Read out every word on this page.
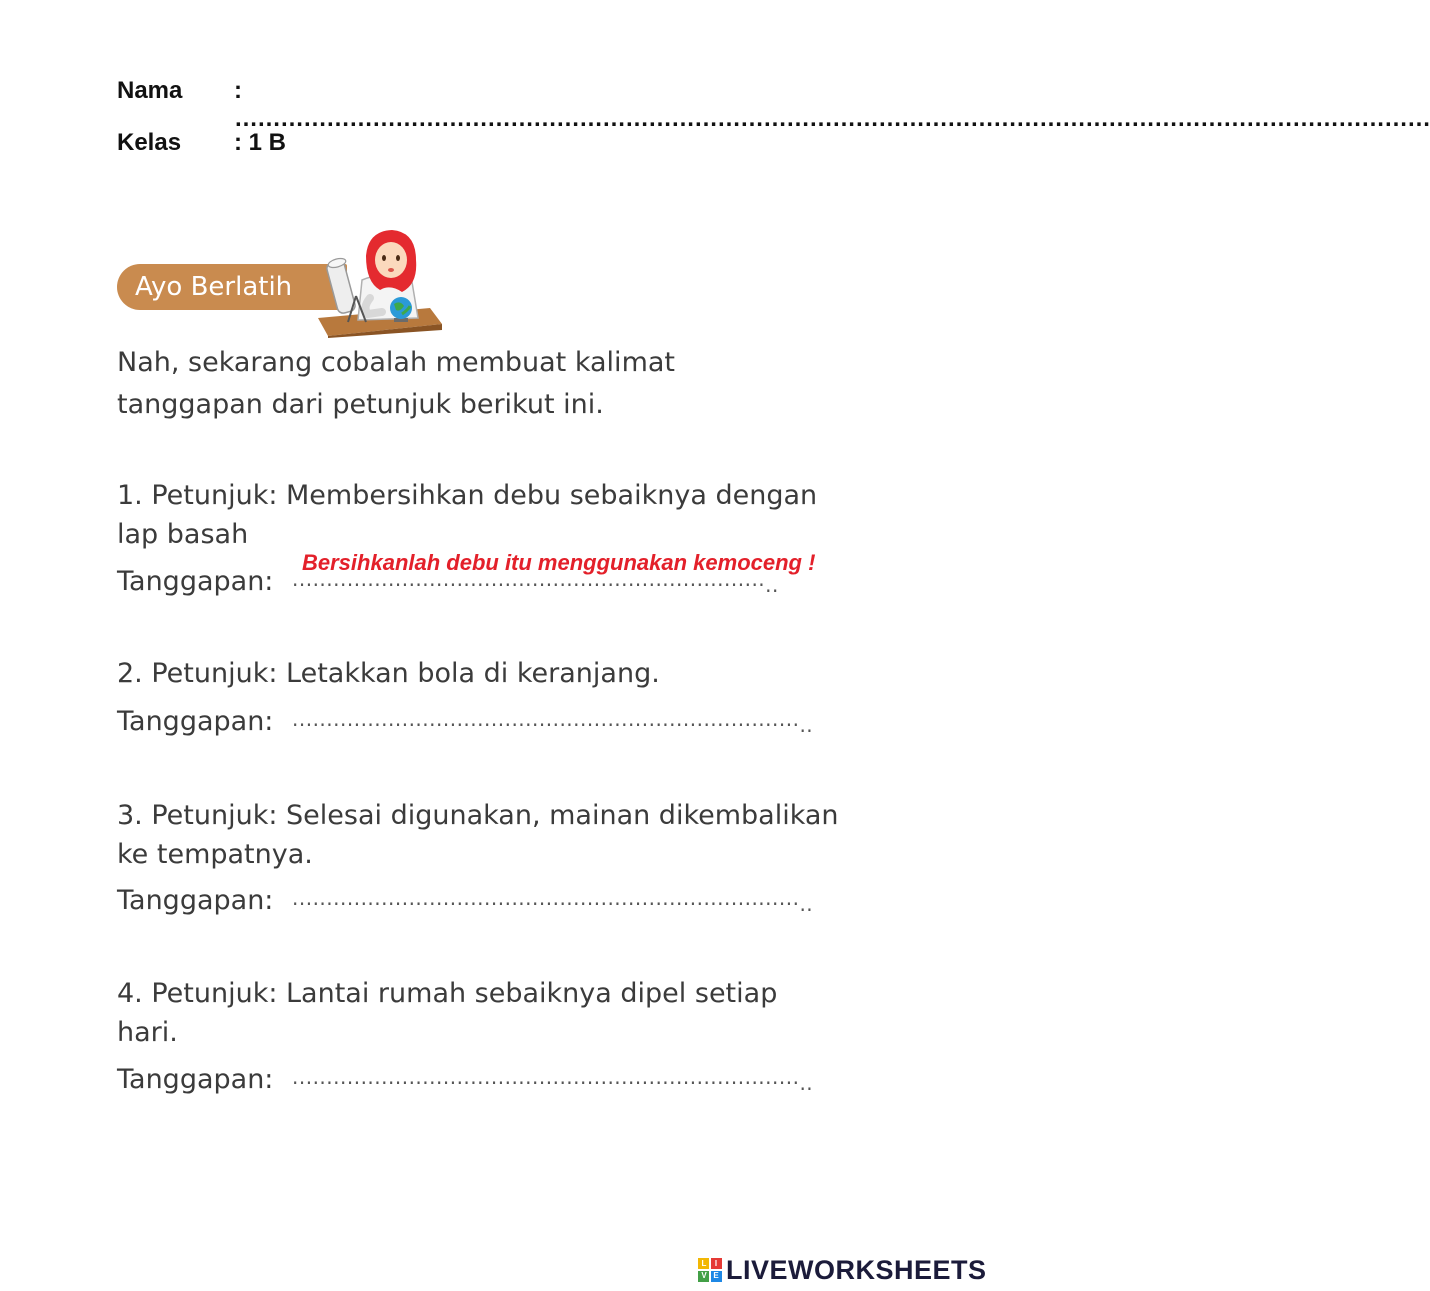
Nama : …………………………………………………………………………………………………………………………………………
Kelas : 1 B
Ayo Berlatih
Nah, sekarang cobalah membuat kalimat
tanggapan dari petunjuk berikut ini.
1. Petunjuk: Membersihkan debu sebaiknya dengan
lap basah
Tanggapan: ·····································································..
Bersihkanlah debu itu menggunakan kemoceng !
2. Petunjuk: Letakkan bola di keranjang.
Tanggapan: ··········································································..
3. Petunjuk: Selesai digunakan, mainan dikembalikan
ke tempatnya.
Tanggapan: ··········································································..
4. Petunjuk: Lantai rumah sebaiknya dipel setiap
hari.
Tanggapan: ··········································································..
L	I
V E LIVEWORKSHEETS
